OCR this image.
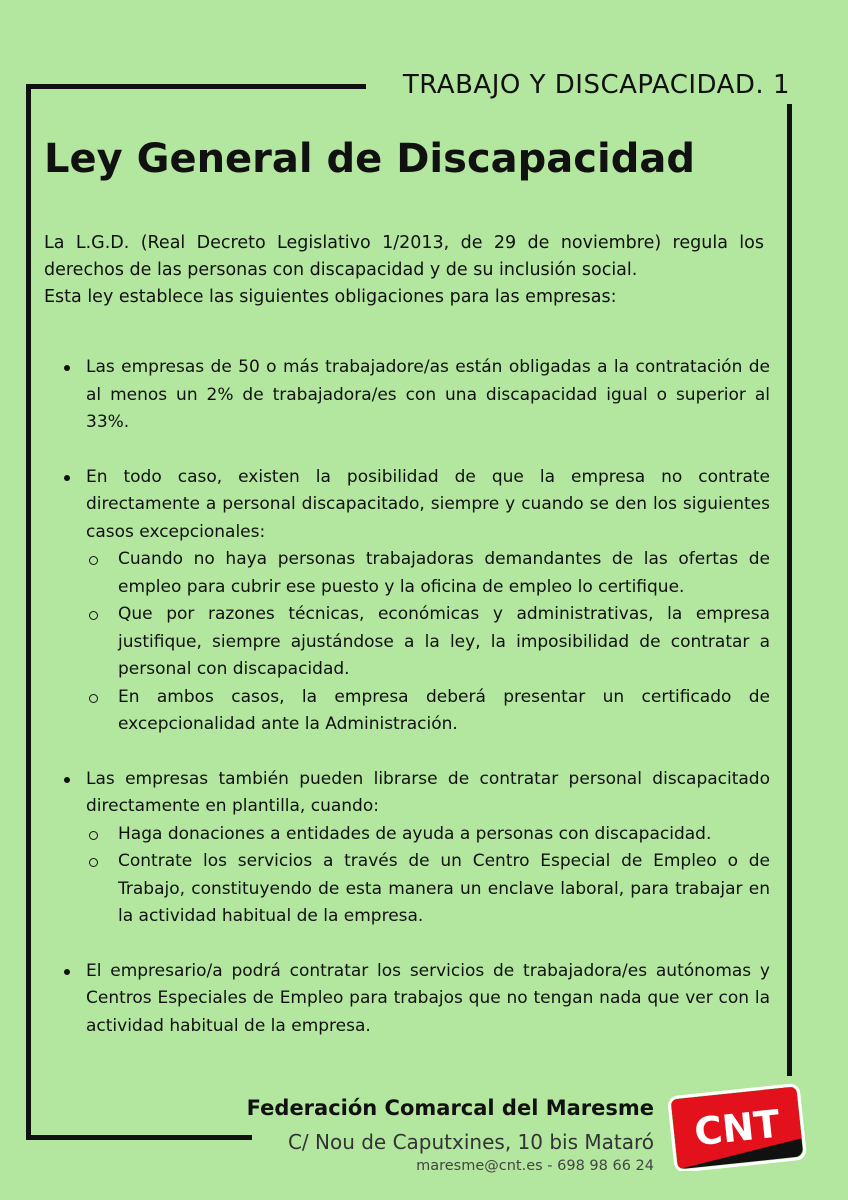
TRABAJO Y DISCAPACIDAD. 1
Ley General de Discapacidad

La L.G.D. (Real Decreto Legislativo 1/2013, de 29 de noviembre) regula los derechos de las personas con discapacidad y de su inclusión social.

Esta ley establece las siguientes obligaciones para las empresas:

Las empresas de 50 o más trabajadore/as están obligadas a la contratación de al menos un 2% de trabajadora/es con una discapacidad igual o superior al 33%.
En todo caso, existen la posibilidad de que la empresa no contrate directamente a personal discapacitado, siempre y cuando se den los siguientes casos excepcionales:
Cuando no haya personas trabajadoras demandantes de las ofertas de empleo para cubrir ese puesto y la oficina de empleo lo certifique.
Que por razones técnicas, económicas y administrativas, la empresa justifique, siempre ajustándose a la ley, la imposibilidad de contratar a personal con discapacidad.
En ambos casos, la empresa deberá presentar un certificado de excepcionalidad ante la Administración.
Las empresas también pueden librarse de contratar personal discapacitado directamente en plantilla, cuando:
Haga donaciones a entidades de ayuda a personas con discapacidad.
Contrate los servicios a través de un Centro Especial de Empleo o de Trabajo, constituyendo de esta manera un enclave laboral, para trabajar en la actividad habitual de la empresa.
El empresario/a podrá contratar los servicios de trabajadora/es autónomas y Centros Especiales de Empleo para trabajos que no tengan nada que ver con la actividad habitual de la empresa.
Federación Comarcal del Maresme
C/ Nou de Caputxines, 10 bis Mataró
maresme@cnt.es - 698 98 66 24
CNT
